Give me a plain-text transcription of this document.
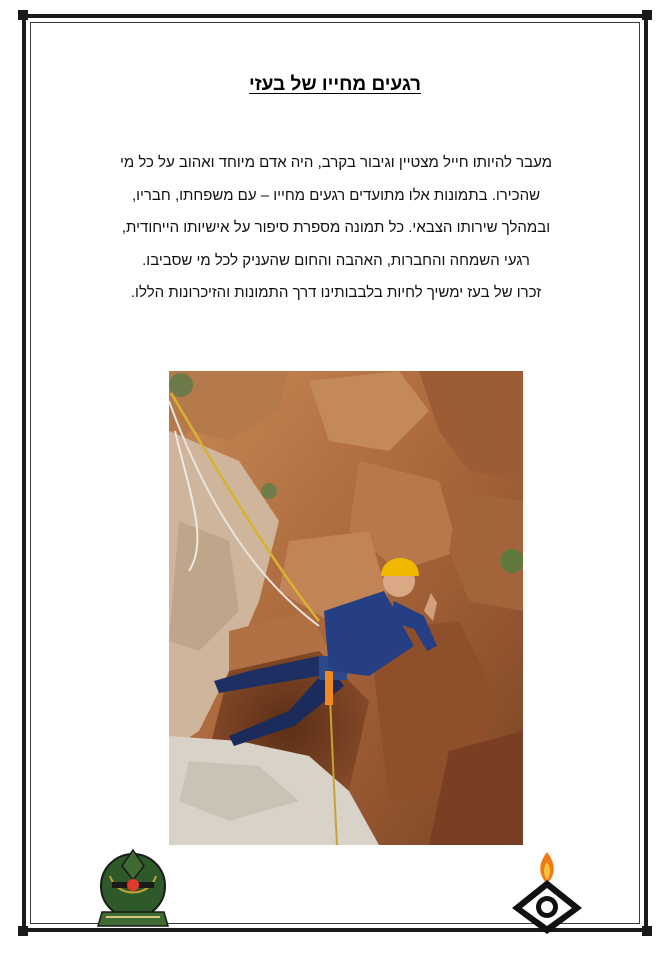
רגעים מחייו של בעזי
מעבר להיותו חייל מצטיין וגיבור בקרב, היה אדם מיוחד ואהוב על כל מי
שהכירו. בתמונות אלו מתועדים רגעים מחייו – עם משפחתו, חבריו,
ובמהלך שירותו הצבאי. כל תמונה מספרת סיפור על אישיותו הייחודית,
רגעי השמחה והחברות, האהבה והחום שהעניק לכל מי שסביבו.
זכרו של בעז ימשיך לחיות בלבבותינו דרך התמונות והזיכרונות הללו.
